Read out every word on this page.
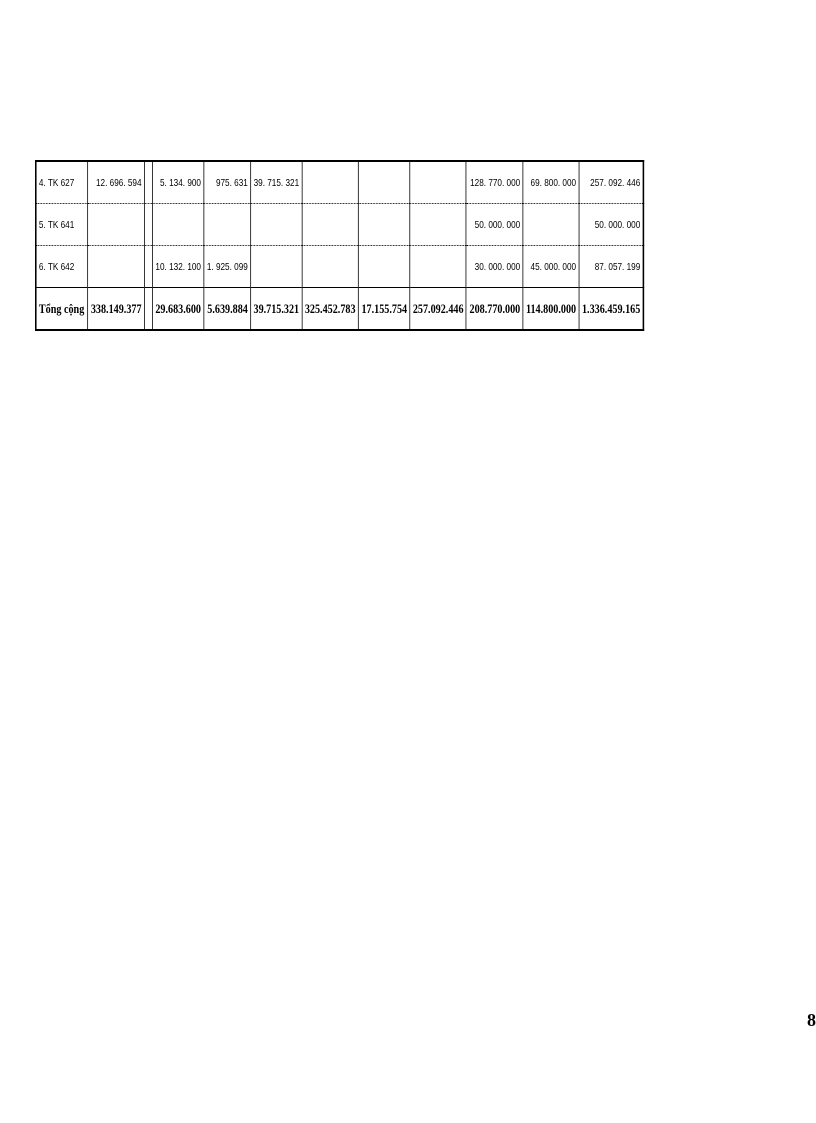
4. TK 627	12. 696. 594		5. 134. 900	975. 631	39. 715. 321				128. 770. 000	69. 800. 000	257. 092. 446
5. TK 641									50. 000. 000		50. 000. 000
6. TK 642			10. 132. 100	1. 925. 099					30. 000. 000	45. 000. 000	87. 057. 199
Tổng cộng	338.149.377		29.683.600	5.639.884	39.715.321	325.452.783	17.155.754	257.092.446	208.770.000	114.800.000	1.336.459.165
8
